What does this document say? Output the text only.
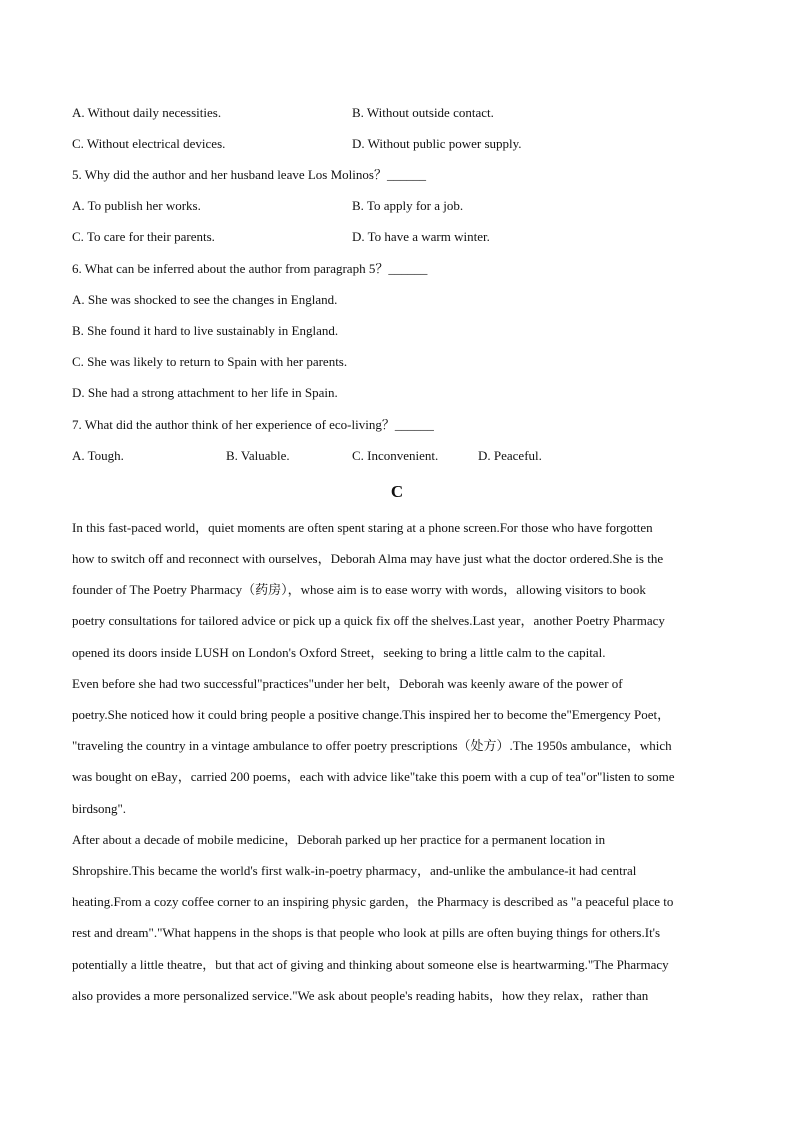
A. Without daily necessities.	B. Without outside contact.
C. Without electrical devices.	D. Without public power supply.
5. Why did the author and her husband leave Los Molinos？______
A. To publish her works.	B. To apply for a job.
C. To care for their parents.	D. To have a warm winter.
6. What can be inferred about the author from paragraph 5？______
A. She was shocked to see the changes in England.
B. She found it hard to live sustainably in England.
C. She was likely to return to Spain with her parents.
D. She had a strong attachment to her life in Spain.
7. What did the author think of her experience of eco-living？______
A. Tough.	B. Valuable.	C. Inconvenient.	D. Peaceful.
C
In this fast-paced world，quiet moments are often spent staring at a phone screen.For those who have forgotten
how to switch off and reconnect with ourselves，Deborah Alma may have just what the doctor ordered.She is the
founder of The Poetry Pharmacy（药房），whose aim is to ease worry with words，allowing visitors to book
poetry consultations for tailored advice or pick up a quick fix off the shelves.Last year，another Poetry Pharmacy
opened its doors inside LUSH on London's Oxford Street，seeking to bring a little calm to the capital.
Even before she had two successful"practices"under her belt，Deborah was keenly aware of the power of
poetry.She noticed how it could bring people a positive change.This inspired her to become the"Emergency Poet，
"traveling the country in a vintage ambulance to offer poetry prescriptions（处方）.The 1950s ambulance，which
was bought on eBay，carried 200 poems，each with advice like"take this poem with a cup of tea"or"listen to some
birdsong".
After about a decade of mobile medicine，Deborah parked up her practice for a permanent location in
Shropshire.This became the world's first walk-in-poetry pharmacy，and-unlike the ambulance-it had central
heating.From a cozy coffee corner to an inspiring physic garden，the Pharmacy is described as "a peaceful place to
rest and dream"."What happens in the shops is that people who look at pills are often buying things for others.It's
potentially a little theatre，but that act of giving and thinking about someone else is heartwarming."The Pharmacy
also provides a more personalized service."We ask about people's reading habits，how they relax，rather than
